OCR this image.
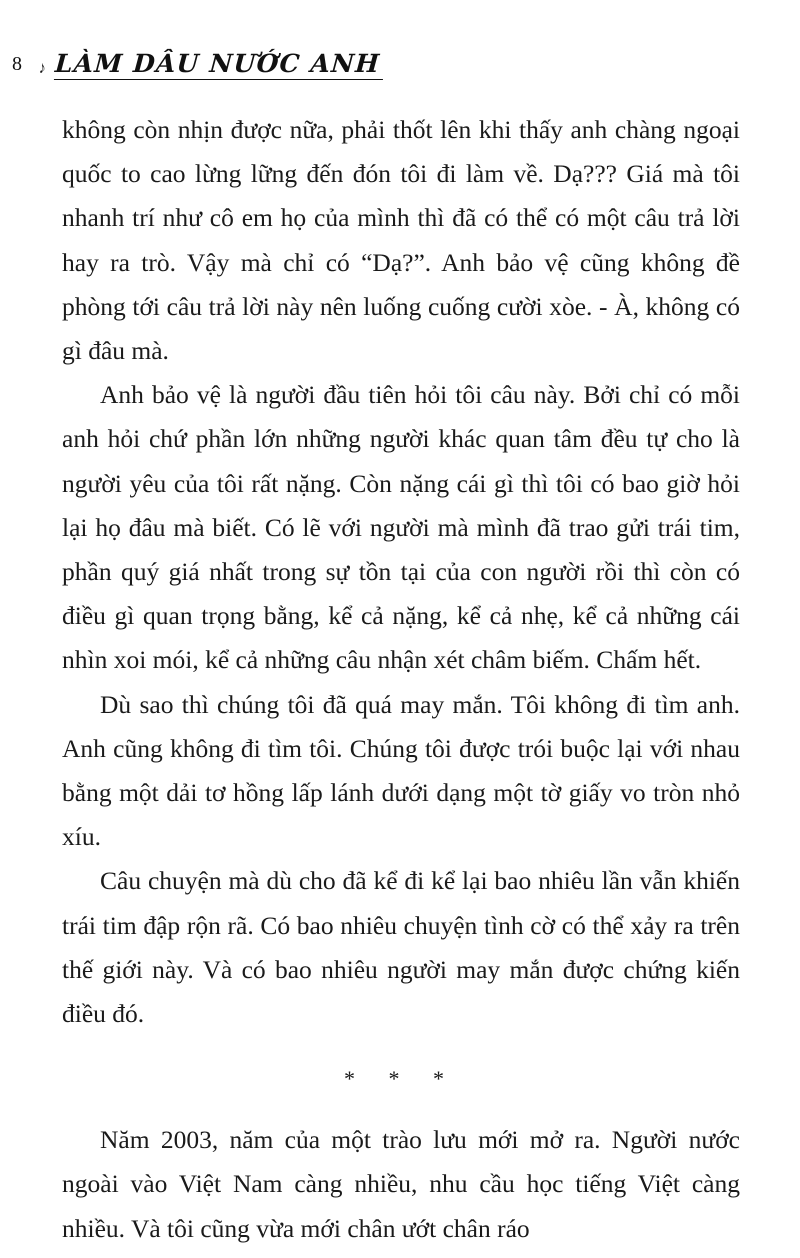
8 ♪ LÀM DÂU NƯỚC ANH

không còn nhịn được nữa, phải thốt lên khi thấy anh chàng ngoại quốc to cao lừng lững đến đón tôi đi làm về. Dạ??? Giá mà tôi nhanh trí như cô em họ của mình thì đã có thể có một câu trả lời hay ra trò. Vậy mà chỉ có “Dạ?”. Anh bảo vệ cũng không đề phòng tới câu trả lời này nên luống cuống cười xòe. - À, không có gì đâu mà.

Anh bảo vệ là người đầu tiên hỏi tôi câu này. Bởi chỉ có mỗi anh hỏi chứ phần lớn những người khác quan tâm đều tự cho là người yêu của tôi rất nặng. Còn nặng cái gì thì tôi có bao giờ hỏi lại họ đâu mà biết. Có lẽ với người mà mình đã trao gửi trái tim, phần quý giá nhất trong sự tồn tại của con người rồi thì còn có điều gì quan trọng bằng, kể cả nặng, kể cả nhẹ, kể cả những cái nhìn xoi mói, kể cả những câu nhận xét châm biếm. Chấm hết.

Dù sao thì chúng tôi đã quá may mắn. Tôi không đi tìm anh. Anh cũng không đi tìm tôi. Chúng tôi được trói buộc lại với nhau bằng một dải tơ hồng lấp lánh dưới dạng một tờ giấy vo tròn nhỏ xíu.

Câu chuyện mà dù cho đã kể đi kể lại bao nhiêu lần vẫn khiến trái tim đập rộn rã. Có bao nhiêu chuyện tình cờ có thể xảy ra trên thế giới này. Và có bao nhiêu người may mắn được chứng kiến điều đó.

* * *

Năm 2003, năm của một trào lưu mới mở ra. Người nước ngoài vào Việt Nam càng nhiều, nhu cầu học tiếng Việt càng nhiều. Và tôi cũng vừa mới chân ướt chân ráo
